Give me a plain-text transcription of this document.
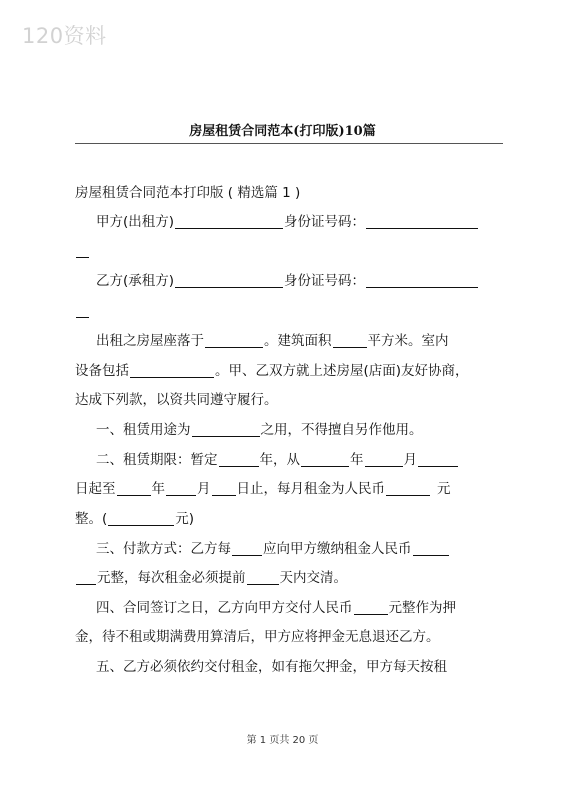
120资料
房屋租赁合同范本(打印版)10篇
房屋租赁合同范本打印版 ( 精选篇 1 )
甲方(出租方)	身份证号码：
乙方(承租方)	身份证号码：
出租之房屋座落于	。建筑面积	平方米。室内
设备包括	。甲、乙双方就上述房屋(店面)友好协商，
达成下列款，以资共同遵守履行。
一、租赁用途为	之用，不得擅自另作他用。
二、租赁期限：暂定	年，从	年	月
日起至	年 月 日止，每月租金为人民币	元
整。(	元)
三、付款方式：乙方每 应向甲方缴纳租金人民币
元整，每次租金必须提前	天内交清。
四、合同签订之日，乙方向甲方交付人民币	元整作为押
金，待不租或期满费用算清后，甲方应将押金无息退还乙方。
五、乙方必须依约交付租金，如有拖欠押金，甲方每天按租
第 1 页共 20 页
